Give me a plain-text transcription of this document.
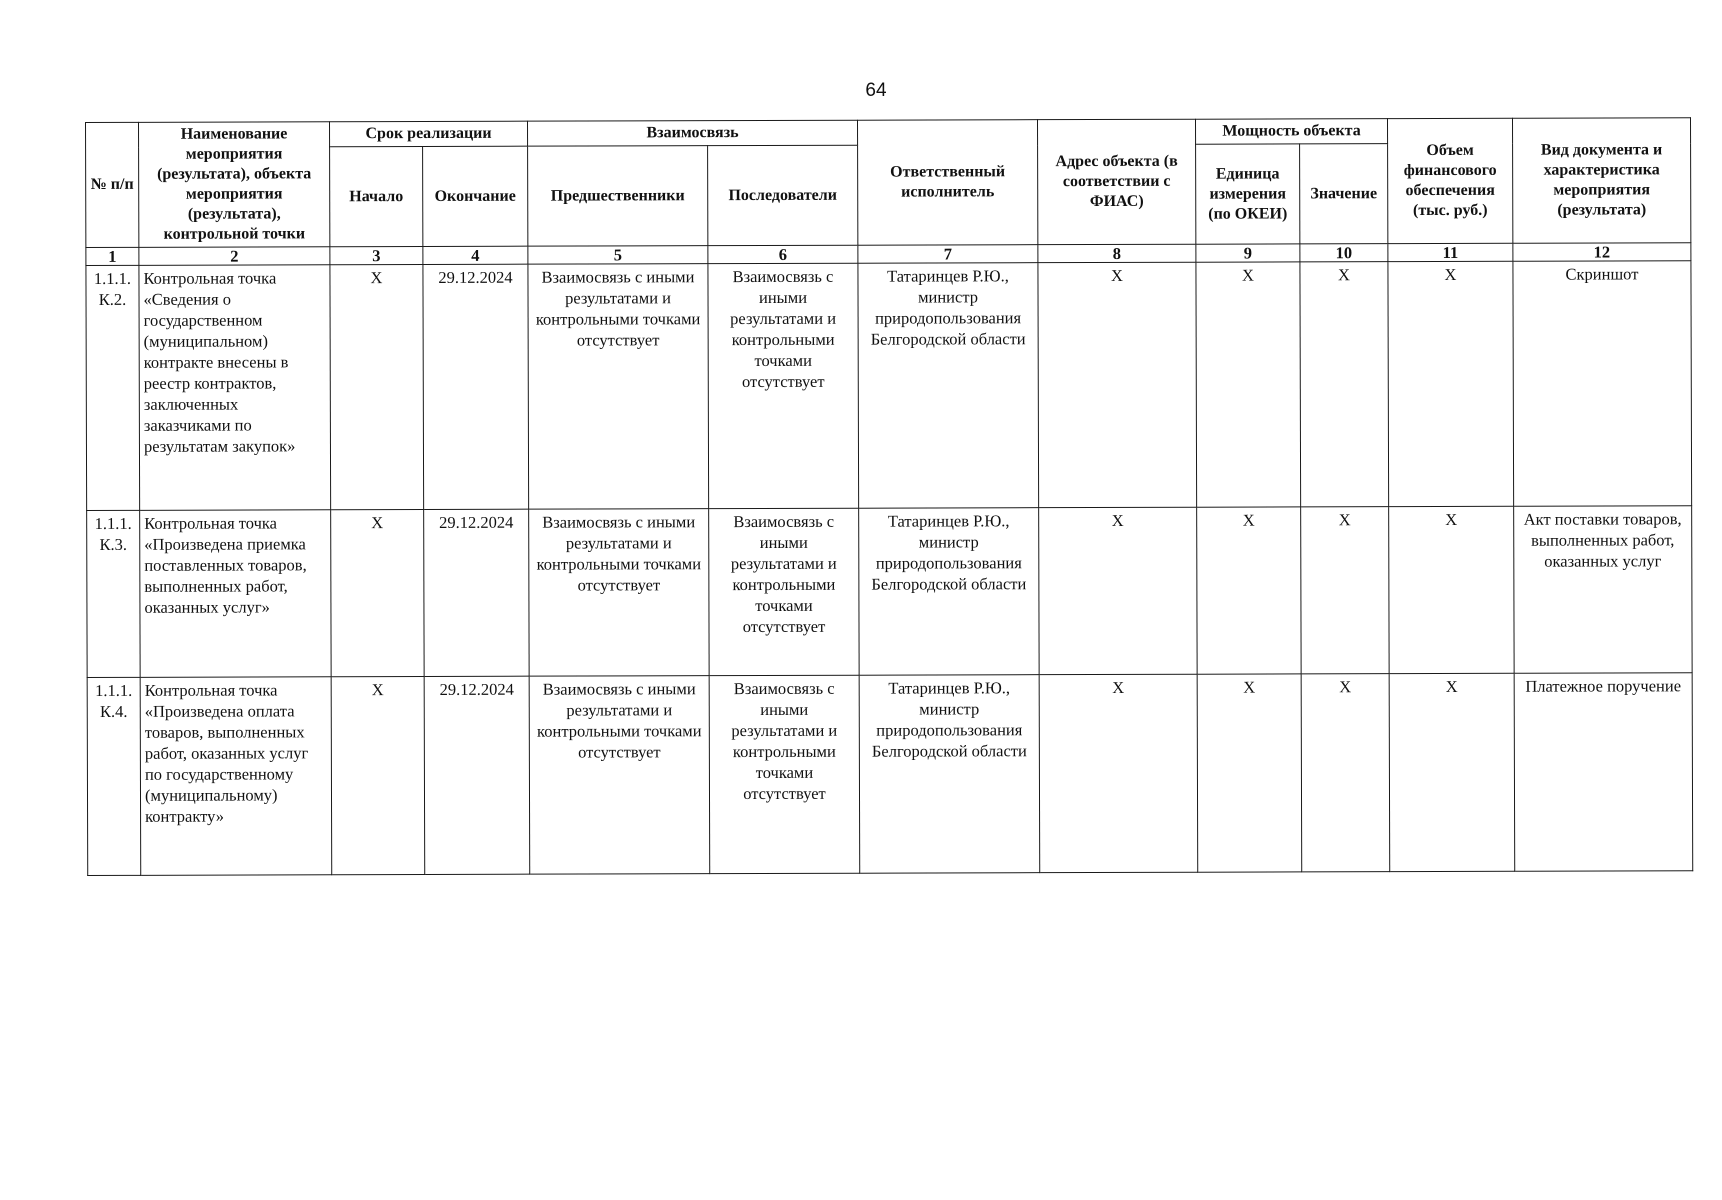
64
№ п/п	Наименование мероприятия (результата), объекта мероприятия (результата), контрольной точки	Срок реализации		Взаимосвязь		Ответственный исполнитель	Адрес объекта (в соответствии с ФИАС)	Мощность объекта		Объем финансового обеспечения (тыс. руб.)	Вид документа и характеристика мероприятия (результата)
		Начало	Окончание	Предшественники	Последователи			Единица измерения (по ОКЕИ)	Значение		
1	2	3	4	5	6	7	8	9	10	11	12
1.1.1. К.2.	Контрольная точка «Сведения о государственном (муниципальном) контракте внесены в реестр контрактов, заключенных заказчиками по результатам закупок»	X	29.12.2024	Взаимосвязь с иными результатами и контрольными точками отсутствует	Взаимосвязь с иными результатами и контрольными точками отсутствует	Татаринцев Р.Ю., министр природопользования Белгородской области	X	X	X	X	Скриншот
1.1.1. К.3.	Контрольная точка «Произведена приемка поставленных товаров, выполненных работ, оказанных услуг»	X	29.12.2024	Взаимосвязь с иными результатами и контрольными точками отсутствует	Взаимосвязь с иными результатами и контрольными точками отсутствует	Татаринцев Р.Ю., министр природопользования Белгородской области	X	X	X	X	Акт поставки товаров, выполненных работ, оказанных услуг
1.1.1. К.4.	Контрольная точка «Произведена оплата товаров, выполненных работ, оказанных услуг по государственному (муниципальному) контракту»	X	29.12.2024	Взаимосвязь с иными результатами и контрольными точками отсутствует	Взаимосвязь с иными результатами и контрольными точками отсутствует	Татаринцев Р.Ю., министр природопользования Белгородской области	X	X	X	X	Платежное поручение
